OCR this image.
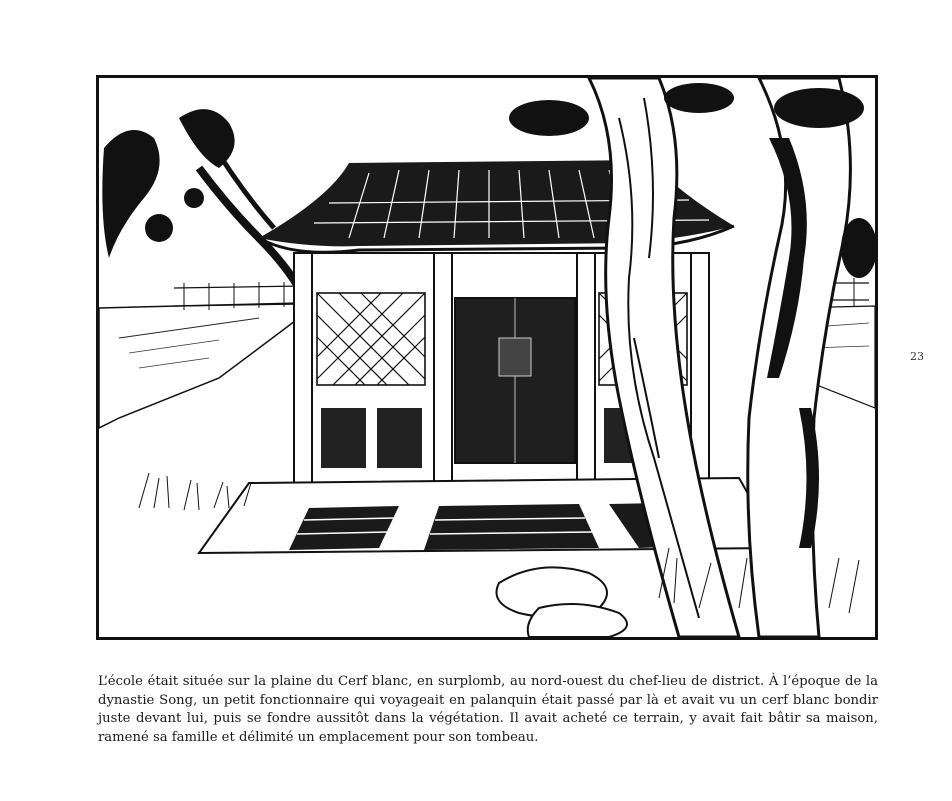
23

L’école était située sur la plaine du Cerf blanc, en surplomb, au nord-ouest du chef-lieu de district. À l’époque de la dynastie Song, un petit fonctionnaire qui voyageait en palanquin était passé par là et avait vu un cerf blanc bondir juste devant lui, puis se fondre aussitôt dans la végétation. Il avait acheté ce terrain, y avait fait bâtir sa maison, ramené sa famille et délimité un emplacement pour son tombeau.
